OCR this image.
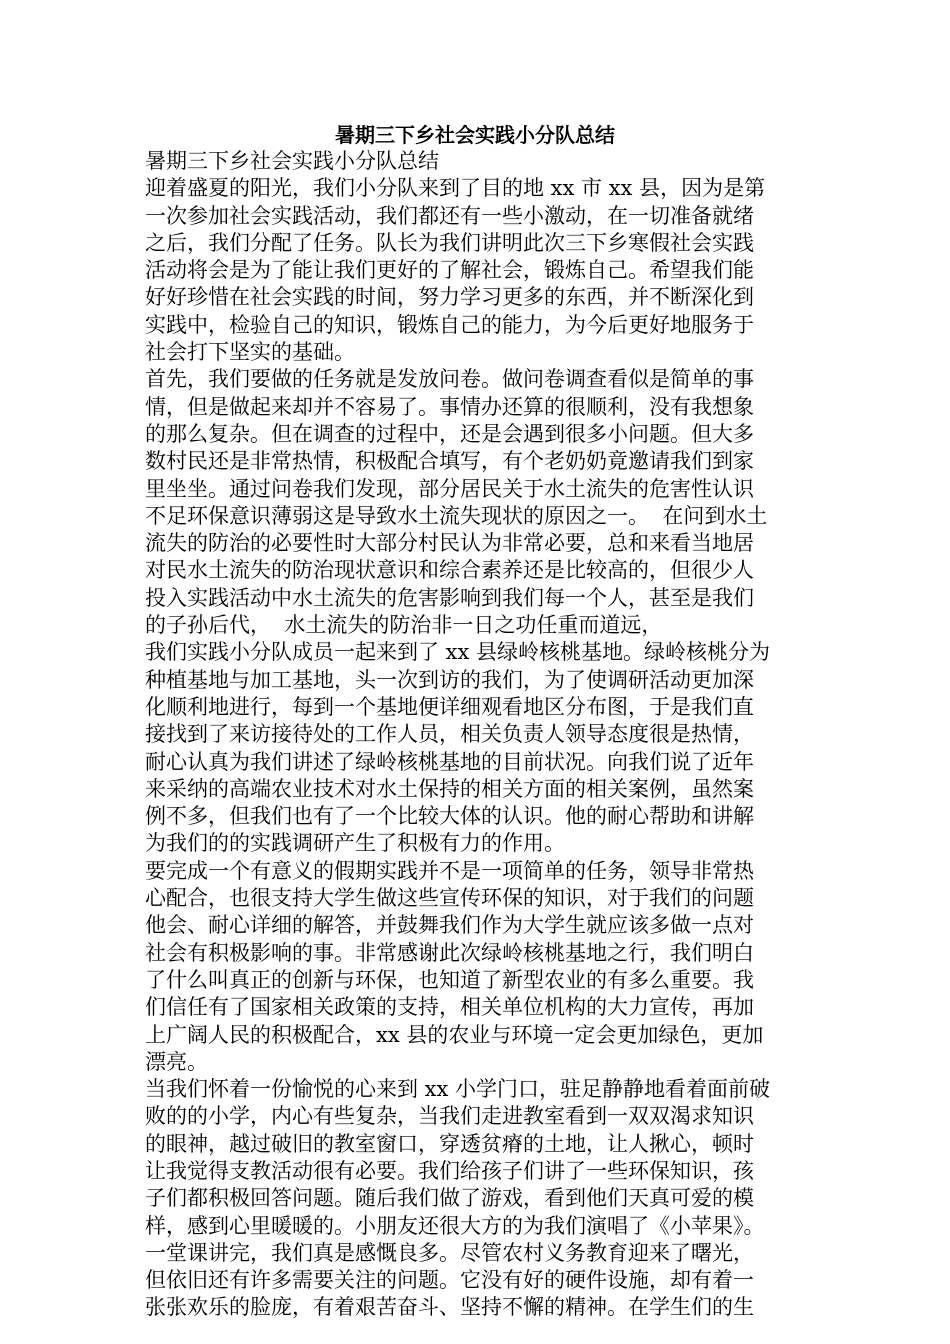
暑期三下乡社会实践小分队总结
暑期三下乡社会实践小分队总结
迎着盛夏的阳光，我们小分队来到了目的地 xx 市 xx 县，因为是第
一次参加社会实践活动，我们都还有一些小激动，在一切准备就绪
之后，我们分配了任务。队长为我们讲明此次三下乡寒假社会实践
活动将会是为了能让我们更好的了解社会，锻炼自己。希望我们能
好好珍惜在社会实践的时间，努力学习更多的东西，并不断深化到
实践中，检验自己的知识，锻炼自己的能力，为今后更好地服务于
社会打下坚实的基础。
首先，我们要做的任务就是发放问卷。做问卷调查看似是简单的事
情，但是做起来却并不容易了。事情办还算的很顺利，没有我想象
的那么复杂。但在调查的过程中，还是会遇到很多小问题。但大多
数村民还是非常热情，积极配合填写，有个老奶奶竟邀请我们到家
里坐坐。通过问卷我们发现，部分居民关于水土流失的危害性认识
不足环保意识薄弱这是导致水土流失现状的原因之一。  在问到水土
流失的防治的必要性时大部分村民认为非常必要，总和来看当地居
对民水土流失的防治现状意识和综合素养还是比较高的，但很少人
投入实践活动中水土流失的危害影响到我们每一个人，甚至是我们
的子孙后代，  水土流失的防治非一日之功任重而道远，
我们实践小分队成员一起来到了 xx 县绿岭核桃基地。绿岭核桃分为
种植基地与加工基地，头一次到访的我们，为了使调研活动更加深
化顺利地进行，每到一个基地便详细观看地区分布图，于是我们直
接找到了来访接待处的工作人员，相关负责人领导态度很是热情，
耐心认真为我们讲述了绿岭核桃基地的目前状况。向我们说了近年
来采纳的高端农业技术对水土保持的相关方面的相关案例，虽然案
例不多，但我们也有了一个比较大体的认识。他的耐心帮助和讲解
为我们的的实践调研产生了积极有力的作用。
要完成一个有意义的假期实践并不是一项简单的任务，领导非常热
心配合，也很支持大学生做这些宣传环保的知识，对于我们的问题
他会、耐心详细的解答，并鼓舞我们作为大学生就应该多做一点对
社会有积极影响的事。非常感谢此次绿岭核桃基地之行，我们明白
了什么叫真正的创新与环保，也知道了新型农业的有多么重要。我
们信任有了国家相关政策的支持，相关单位机构的大力宣传，再加
上广阔人民的积极配合，xx 县的农业与环境一定会更加绿色，更加
漂亮。
当我们怀着一份愉悦的心来到 xx 小学门口，驻足静静地看着面前破
败的的小学，内心有些复杂，当我们走进教室看到一双双渴求知识
的眼神，越过破旧的教室窗口，穿透贫瘠的土地，让人揪心，顿时
让我觉得支教活动很有必要。我们给孩子们讲了一些环保知识，孩
子们都积极回答问题。随后我们做了游戏，看到他们天真可爱的模
样，感到心里暖暖的。小朋友还很大方的为我们演唱了《小苹果》。
一堂课讲完，我们真是感慨良多。尽管农村义务教育迎来了曙光，
但依旧还有许多需要关注的问题。它没有好的硬件设施，却有着一
张张欢乐的脸庞，有着艰苦奋斗、坚持不懈的精神。在学生们的生
